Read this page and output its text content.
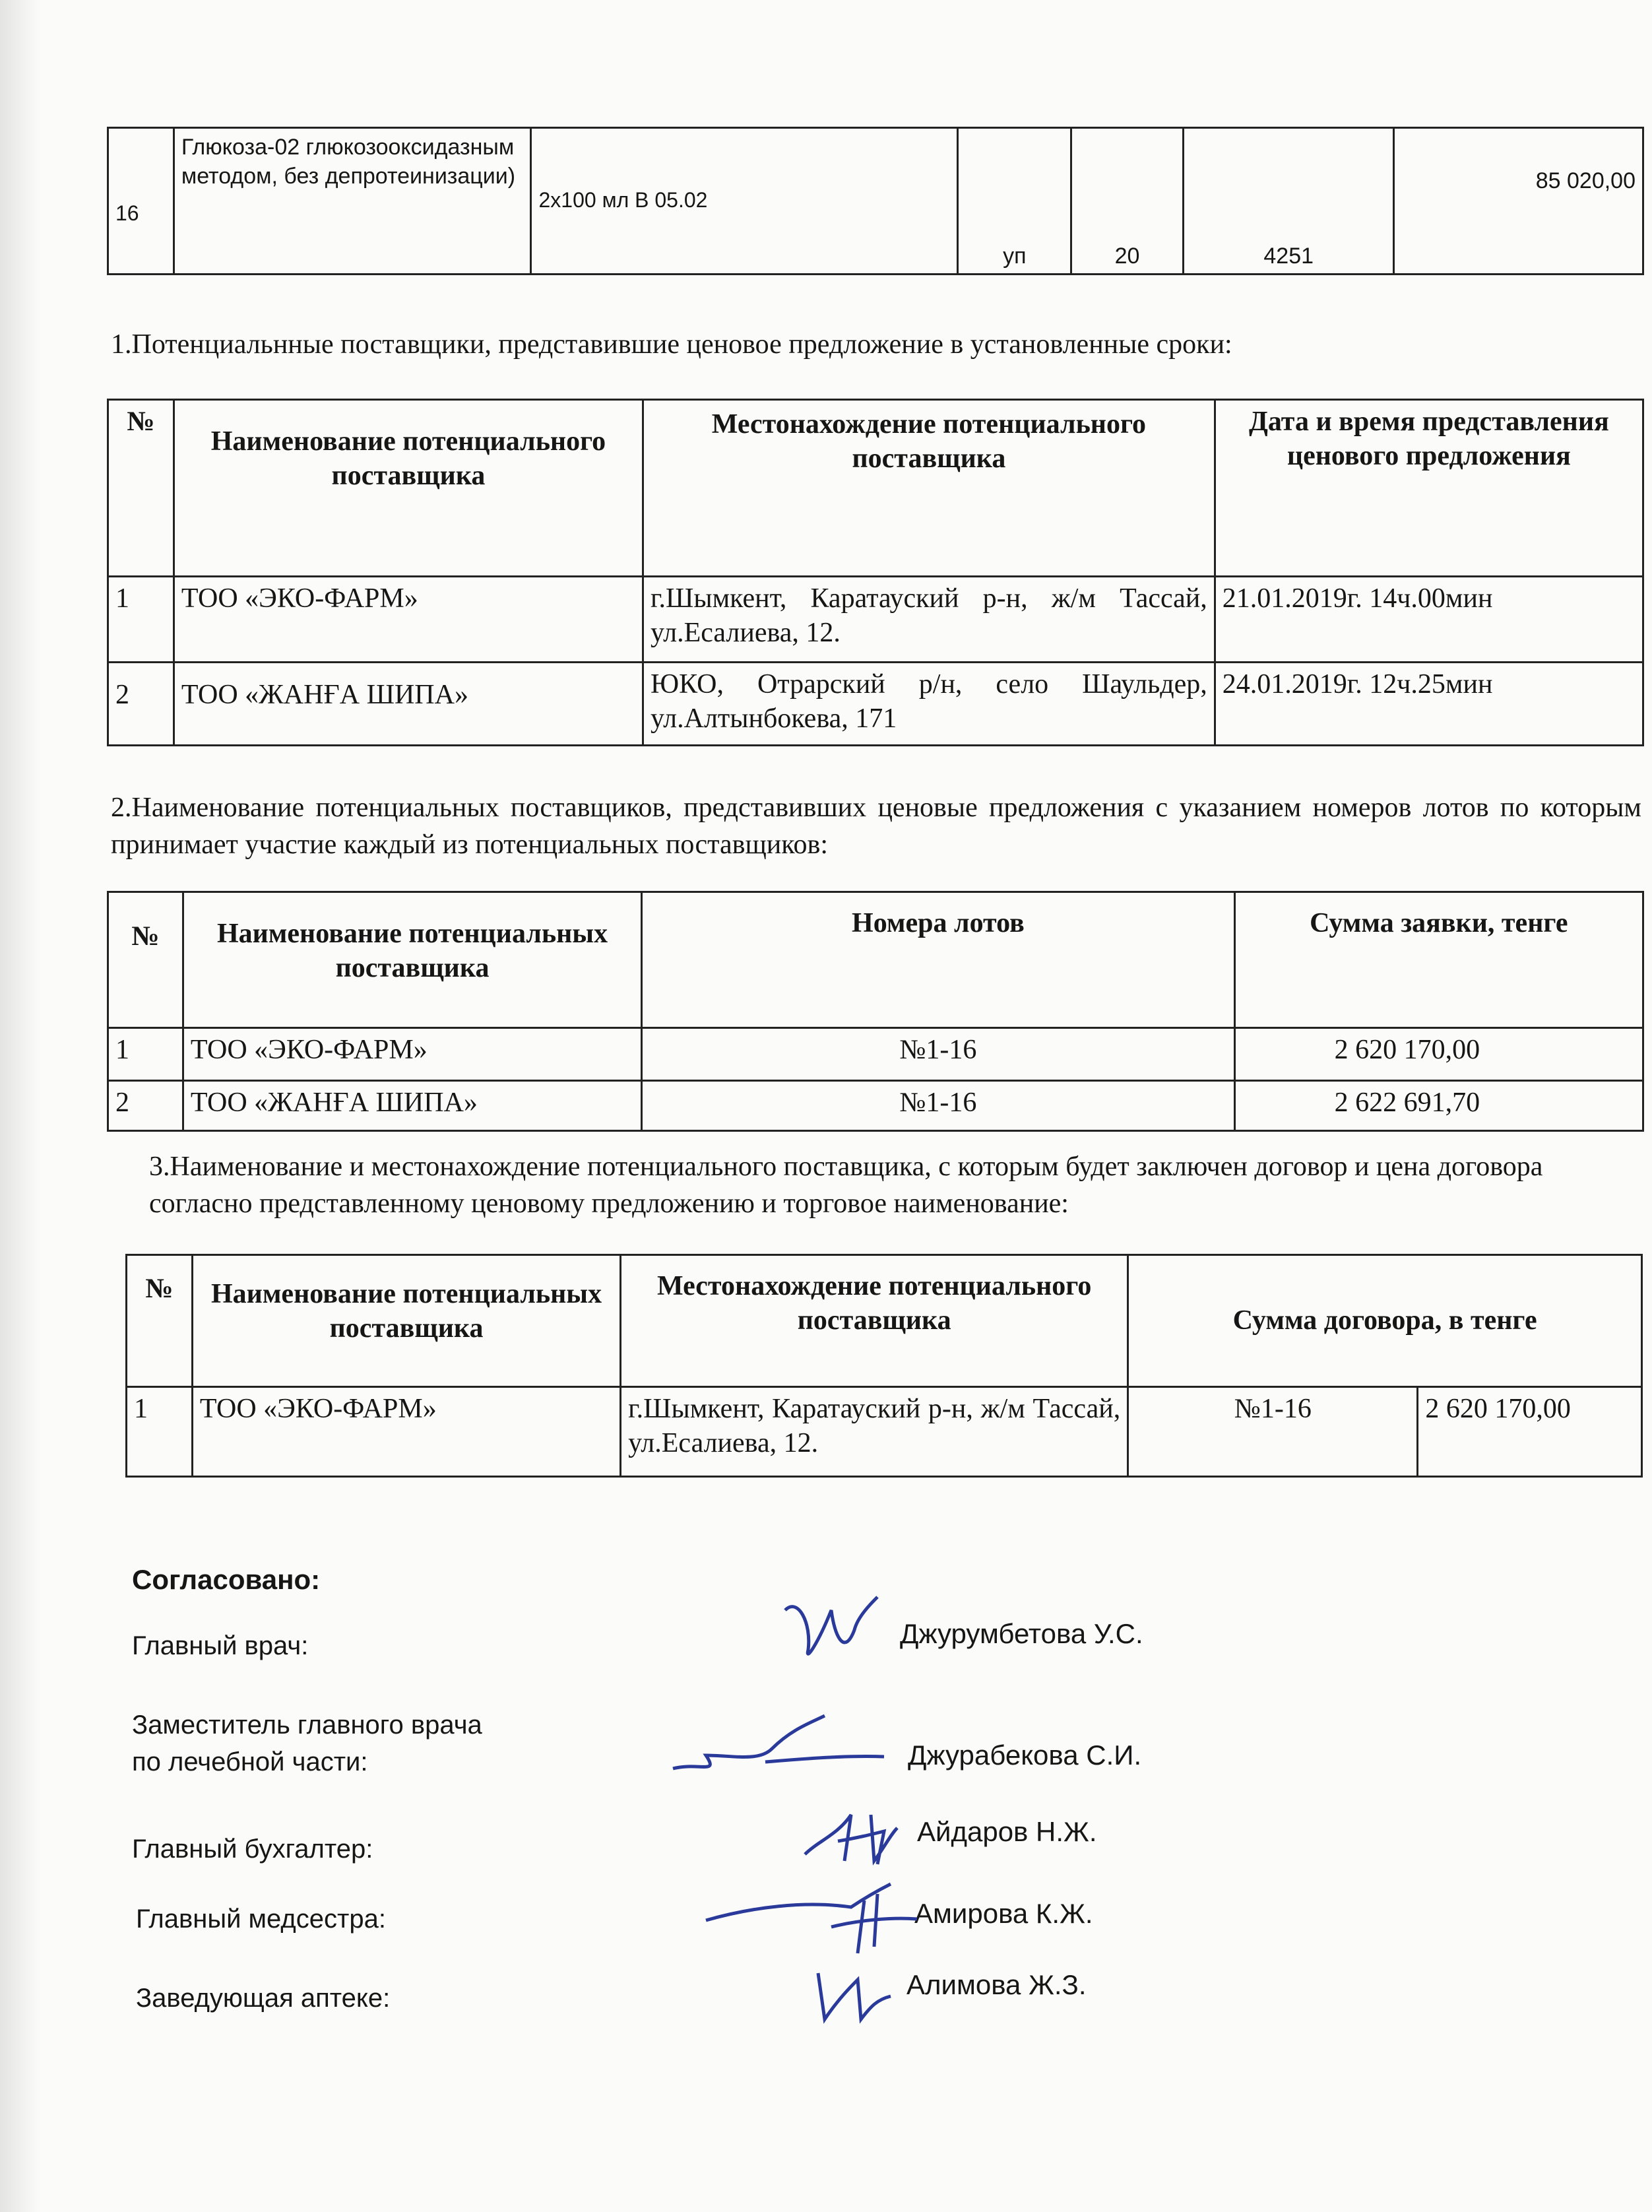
16	Глюкоза-02 глюкозооксидазным методом, без депротеинизации)	2х100 мл В 05.02	уп	20	4251	85 020,00
1.Потенциальнные поставщики, представившие ценовое предложение в установленные сроки:
№	Наименование потенциального поставщика	Местонахождение потенциального поставщика	Дата и время представления ценового предложения
1	ТОО «ЭКО-ФАРМ»	г.Шымкент, Каратауский р-н, ж/м Тассай, ул.Есалиева, 12.	21.01.2019г. 14ч.00мин
2	ТОО «ЖАНҒА ШИПА»	ЮКО, Отрарский р/н, село Шаульдер, ул.Алтынбокева, 171	24.01.2019г. 12ч.25мин
2.Наименование потенциальных поставщиков, представивших ценовые предложения с указанием номеров лотов по которым принимает участие каждый из потенциальных поставщиков:
№	Наименование потенциальных поставщика	Номера лотов	Сумма заявки, тенге
1	ТОО «ЭКО-ФАРМ»	№1-16	2 620 170,00
2	ТОО «ЖАНҒА ШИПА»	№1-16	2 622 691,70
3.Наименование и местонахождение потенциального поставщика, с которым будет заключен договор и цена договора согласно представленному ценовому предложению и торговое наименование:
№	Наименование потенциальных поставщика	Местонахождение потенциального поставщика	Сумма договора, в тенге	
1	ТОО «ЭКО-ФАРМ»	г.Шымкент, Каратауский р-н, ж/м Тассай, ул.Есалиева, 12.	№1-16	2 620 170,00
Согласовано:
Главный врач:	Джурумбетова У.С.
Заместитель главного врача
по лечебной части:	Джурабекова С.И.
Главный бухгалтер:
Айдаров Н.Ж.
Главный медсестра:	Амирова К.Ж.
Заведующая аптеке:	Алимова Ж.З.
